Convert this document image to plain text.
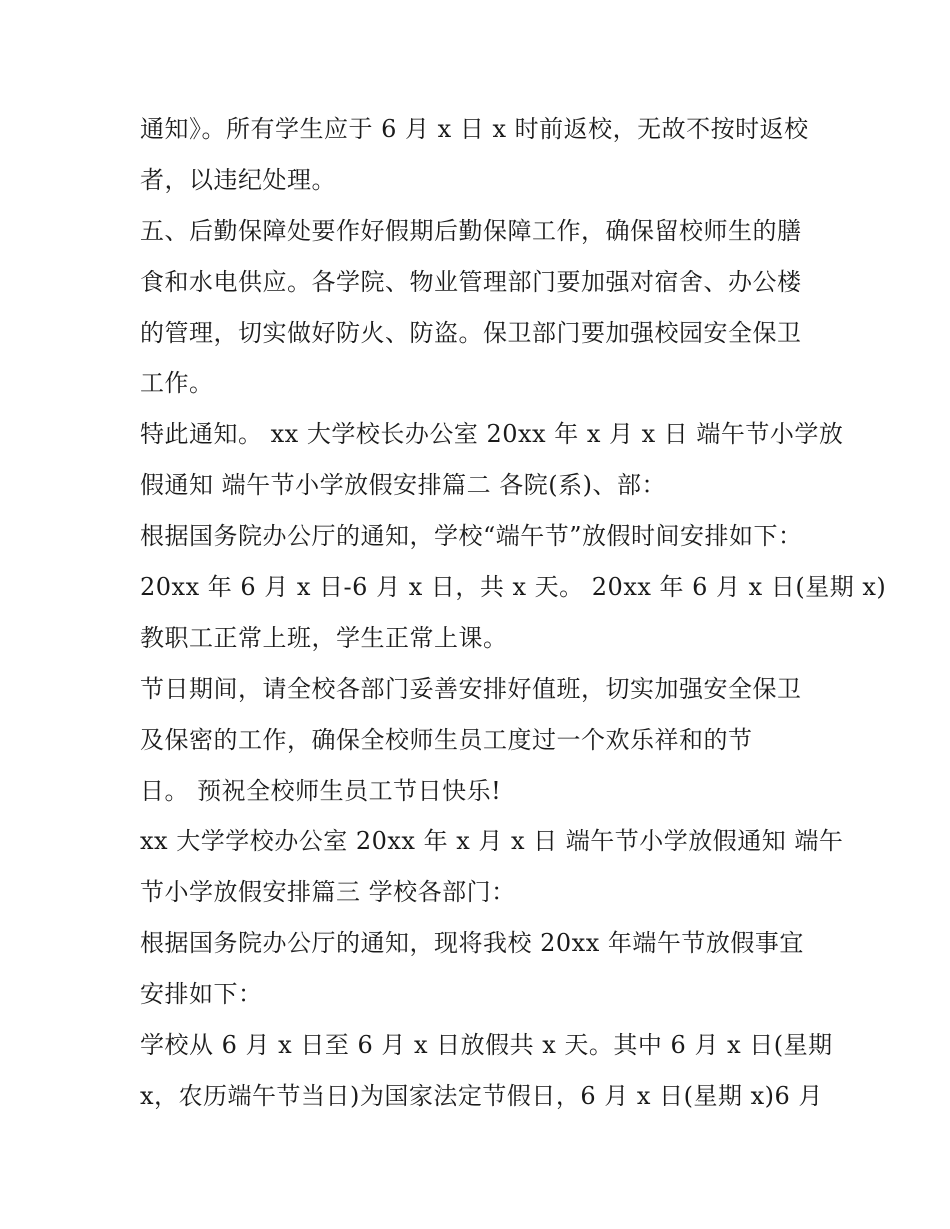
通知》。所有学生应于 6 月 x 日 x 时前返校，无故不按时返校
者，以违纪处理。
五、后勤保障处要作好假期后勤保障工作，确保留校师生的膳
食和水电供应。各学院、物业管理部门要加强对宿舍、办公楼
的管理，切实做好防火、防盗。保卫部门要加强校园安全保卫
工作。
特此通知。 xx 大学校长办公室 20xx 年 x 月 x 日 端午节小学放
假通知 端午节小学放假安排篇二 各院(系)、部：
根据国务院办公厅的通知，学校“端午节”放假时间安排如下：
20xx 年 6 月 x 日-6 月 x 日，共 x 天。 20xx 年 6 月 x 日(星期 x)
教职工正常上班，学生正常上课。
节日期间，请全校各部门妥善安排好值班，切实加强安全保卫
及保密的工作，确保全校师生员工度过一个欢乐祥和的节
日。 预祝全校师生员工节日快乐!
xx 大学学校办公室 20xx 年 x 月 x 日 端午节小学放假通知 端午
节小学放假安排篇三 学校各部门：
根据国务院办公厅的通知，现将我校 20xx 年端午节放假事宜
安排如下：
学校从 6 月 x 日至 6 月 x 日放假共 x 天。其中 6 月 x 日(星期
x，农历端午节当日)为国家法定节假日，6 月 x 日(星期 x)6 月
